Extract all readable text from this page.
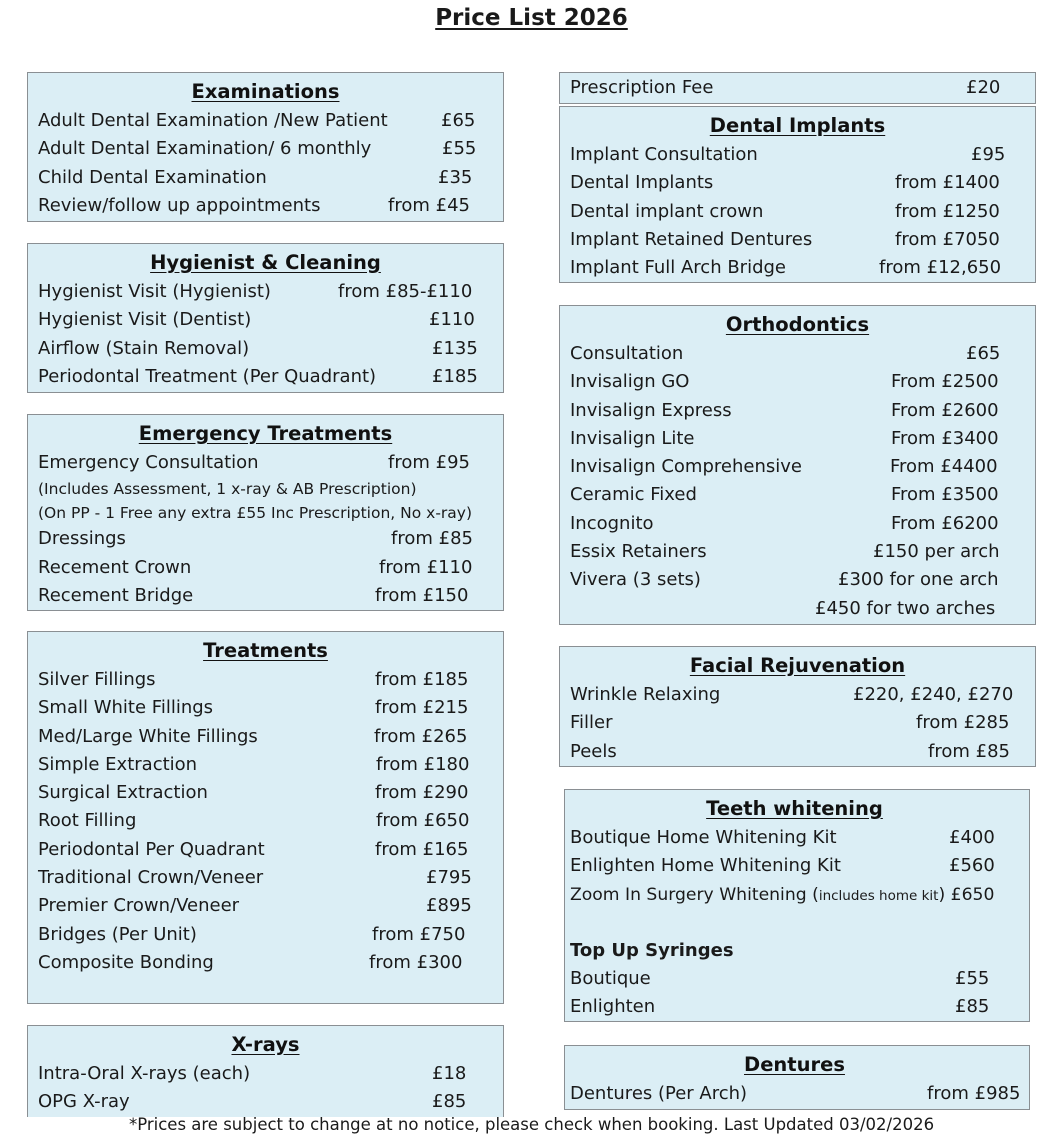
Price List 2026
Examinations
Adult Dental Examination /New Patient	£65
Adult Dental Examination/ 6 monthly	£55
Child Dental Examination	£35
Review/follow up appointments	from £45
Hygienist & Cleaning
Hygienist Visit (Hygienist)	from £85-£110
Hygienist Visit (Dentist)	£110
Airflow (Stain Removal)	£135
Periodontal Treatment (Per Quadrant)	£185
Emergency Treatments
Emergency Consultation	from £95
(Includes Assessment, 1 x-ray & AB Prescription)
(On PP - 1 Free any extra £55 Inc Prescription, No x-ray)
Dressings	from £85
Recement Crown	from £110
Recement Bridge	from £150
Treatments
Silver Fillings	from £185
Small White Fillings	from £215
Med/Large White Fillings	from £265
Simple Extraction	from £180
Surgical Extraction	from £290
Root Filling	from £650
Periodontal Per Quadrant	from £165
Traditional Crown/Veneer	£795
Premier Crown/Veneer	£895
Bridges (Per Unit)	from £750
Composite Bonding	from £300
X-rays
Intra-Oral X-rays (each)	£18
OPG X-ray	£85
Prescription Fee	£20
Dental Implants
Implant Consultation	£95
Dental Implants	from £1400
Dental implant crown	from £1250
Implant Retained Dentures	from £7050
Implant Full Arch Bridge	from £12,650
Orthodontics
Consultation	£65
Invisalign GO	From £2500
Invisalign Express	From £2600
Invisalign Lite	From £3400
Invisalign Comprehensive	From £4400
Ceramic Fixed	From £3500
Incognito	From £6200
Essix Retainers	£150 per arch
Vivera (3 sets)	£300 for one arch
£450 for two arches
Facial Rejuvenation
Wrinkle Relaxing	£220, £240, £270
Filler	from £285
Peels	from £85
Teeth whitening
Boutique Home Whitening Kit	£400
Enlighten Home Whitening Kit	£560
Zoom In Surgery Whitening (includes home kit) £650
Top Up Syringes
Boutique	£55
Enlighten	£85
Dentures
Dentures (Per Arch)	from £985
*Prices are subject to change at no notice, please check when booking. Last Updated 03/02/2026
